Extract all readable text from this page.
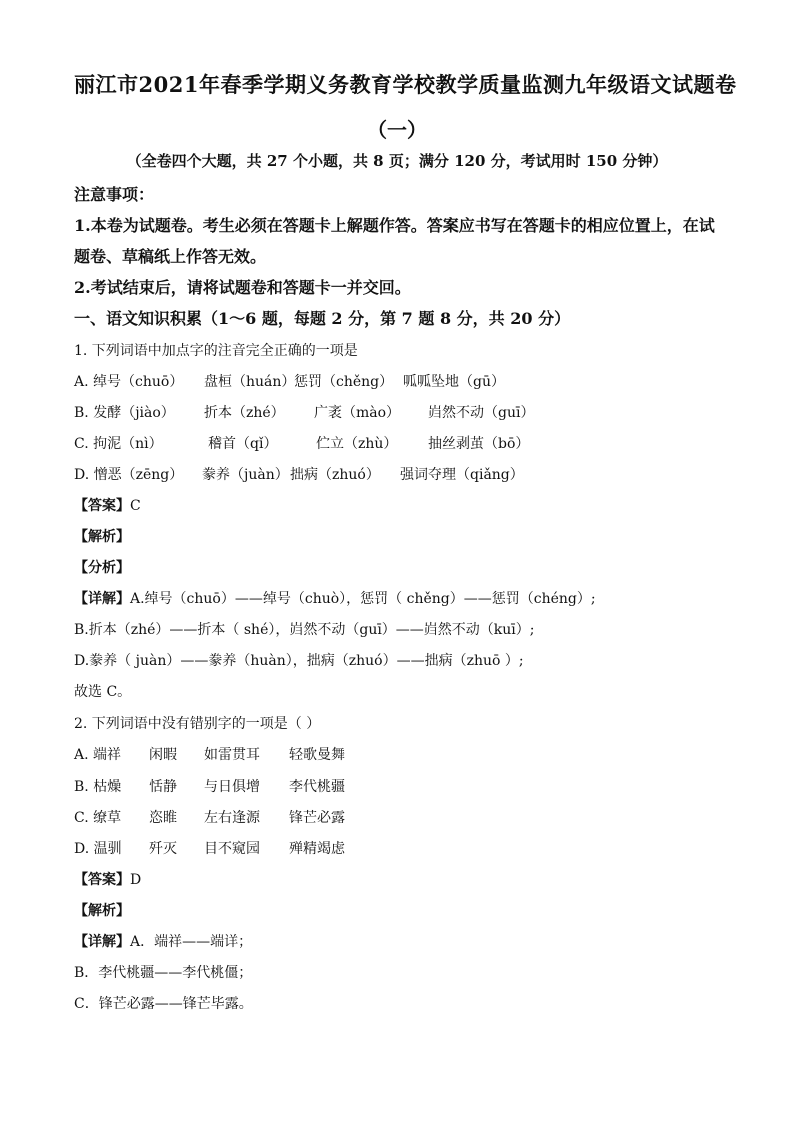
丽江市2021年春季学期义务教育学校教学质量监测九年级语文试题卷
（一）
（全卷四个大题，共 27 个小题，共 8 页；满分 120 分，考试用时 150 分钟）
注意事项：
1.本卷为试题卷。考生必须在答题卡上解题作答。答案应书写在答题卡的相应位置上，在试
题卷、草稿纸上作答无效。
2.考试结束后，请将试题卷和答题卡一并交回。
一、语文知识积累（1～6 题，每题 2 分，第 7 题 8 分，共 20 分）
1. 下列词语中加点字的注音完全正确的一项是
A. 绰号（chuō） 盘桓（huán）
惩罚（chěng） 呱呱坠地（gū）
B. 发酵（jiào） 折本（zhé） 广袤（mào） 岿然不动（guī）
C. 拘泥（nì）	稽首（qǐ）	伫立（zhù） 抽丝剥茧（bō）
D. 憎恶（zēng） 豢养（juàn） 拙病（zhuó） 强词夺理（qiǎng）
【答案】C
【解析】
【分析】
【详解】A.绰号（chuō）——绰号（chuò），惩罚（ chěng）——惩罚（chéng）;
B.折本（zhé）——折本（ shé），岿然不动（guī）——岿然不动（kuī）;
D.豢养（ juàn）——豢养（huàn），拙病（zhuó）——拙病（zhuō ）;
故选 C。
2. 下列词语中没有错别字的一项是（ ）
A. 端祥 闲暇 如雷贯耳 轻歌曼舞
B. 枯燥 恬静 与日俱增 李代桃疆
C. 缭草 恣睢 左右逢源 锋芒必露
D. 温驯 歼灭 目不窥园 殚精竭虑
【答案】D
【解析】
【详解】A．端祥——端详；
B．李代桃疆——李代桃僵；
C．锋芒必露——锋芒毕露。
